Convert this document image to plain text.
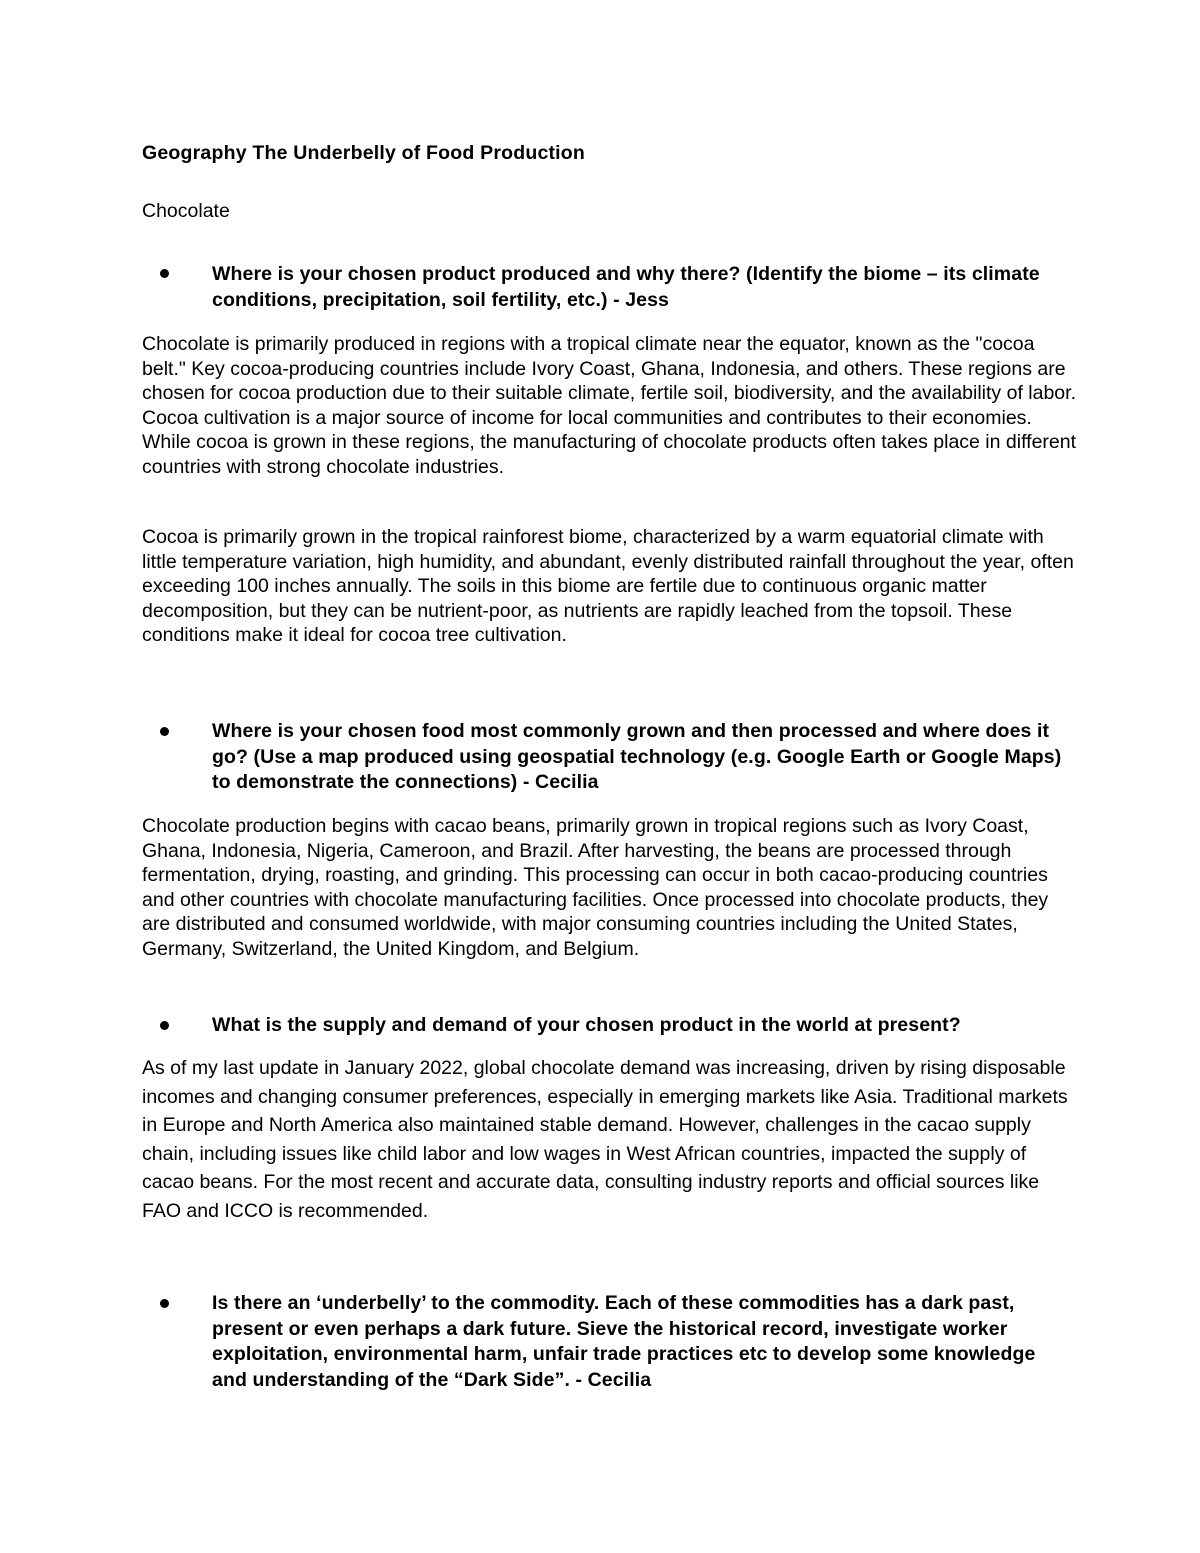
Geography The Underbelly of Food Production
Chocolate
Where is your chosen product produced and why there? (Identify the biome – its climate conditions, precipitation, soil fertility, etc.) - Jess
Chocolate is primarily produced in regions with a tropical climate near the equator, known as the "cocoa belt." Key cocoa-producing countries include Ivory Coast, Ghana, Indonesia, and others. These regions are chosen for cocoa production due to their suitable climate, fertile soil, biodiversity, and the availability of labor. Cocoa cultivation is a major source of income for local communities and contributes to their economies. While cocoa is grown in these regions, the manufacturing of chocolate products often takes place in different countries with strong chocolate industries.
Cocoa is primarily grown in the tropical rainforest biome, characterized by a warm equatorial climate with little temperature variation, high humidity, and abundant, evenly distributed rainfall throughout the year, often exceeding 100 inches annually. The soils in this biome are fertile due to continuous organic matter decomposition, but they can be nutrient-poor, as nutrients are rapidly leached from the topsoil. These conditions make it ideal for cocoa tree cultivation.
Where is your chosen food most commonly grown and then processed and where does it go? (Use a map produced using geospatial technology (e.g. Google Earth or Google Maps) to demonstrate the connections) - Cecilia
Chocolate production begins with cacao beans, primarily grown in tropical regions such as Ivory Coast, Ghana, Indonesia, Nigeria, Cameroon, and Brazil. After harvesting, the beans are processed through fermentation, drying, roasting, and grinding. This processing can occur in both cacao-producing countries and other countries with chocolate manufacturing facilities. Once processed into chocolate products, they are distributed and consumed worldwide, with major consuming countries including the United States, Germany, Switzerland, the United Kingdom, and Belgium.
What is the supply and demand of your chosen product in the world at present?
As of my last update in January 2022, global chocolate demand was increasing, driven by rising disposable incomes and changing consumer preferences, especially in emerging markets like Asia. Traditional markets in Europe and North America also maintained stable demand. However, challenges in the cacao supply chain, including issues like child labor and low wages in West African countries, impacted the supply of cacao beans. For the most recent and accurate data, consulting industry reports and official sources like FAO and ICCO is recommended.
Is there an ‘underbelly’ to the commodity. Each of these commodities has a dark past, present or even perhaps a dark future. Sieve the historical record, investigate worker exploitation, environmental harm, unfair trade practices etc to develop some knowledge and understanding of the “Dark Side”. - Cecilia
